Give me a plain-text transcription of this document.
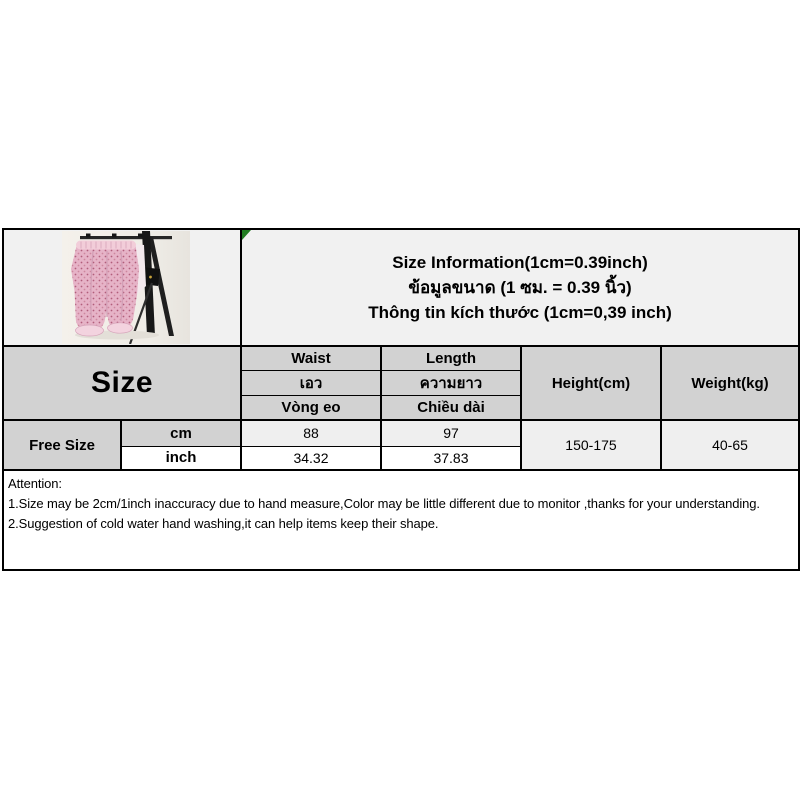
Size Information(1cm=0.39inch)
ข้อมูลขนาด (1 ซม. = 0.39 นิ้ว)
Thông tin kích thước (1cm=0,39 inch)			

Size		Waist	Length	Height(cm)	Weight(kg)
		เอว	ความยาว		
		Vòng eo	Chiều dài		
Free Size	cm	88	97	150-175	40-65
	inch	34.32	37.83		

Attention:
1.Size may be 2cm/1inch inaccuracy due to hand measure,Color may be little different due to monitor ,thanks for your understanding.
2.Suggestion of cold water hand washing,it can help items keep their shape.					
